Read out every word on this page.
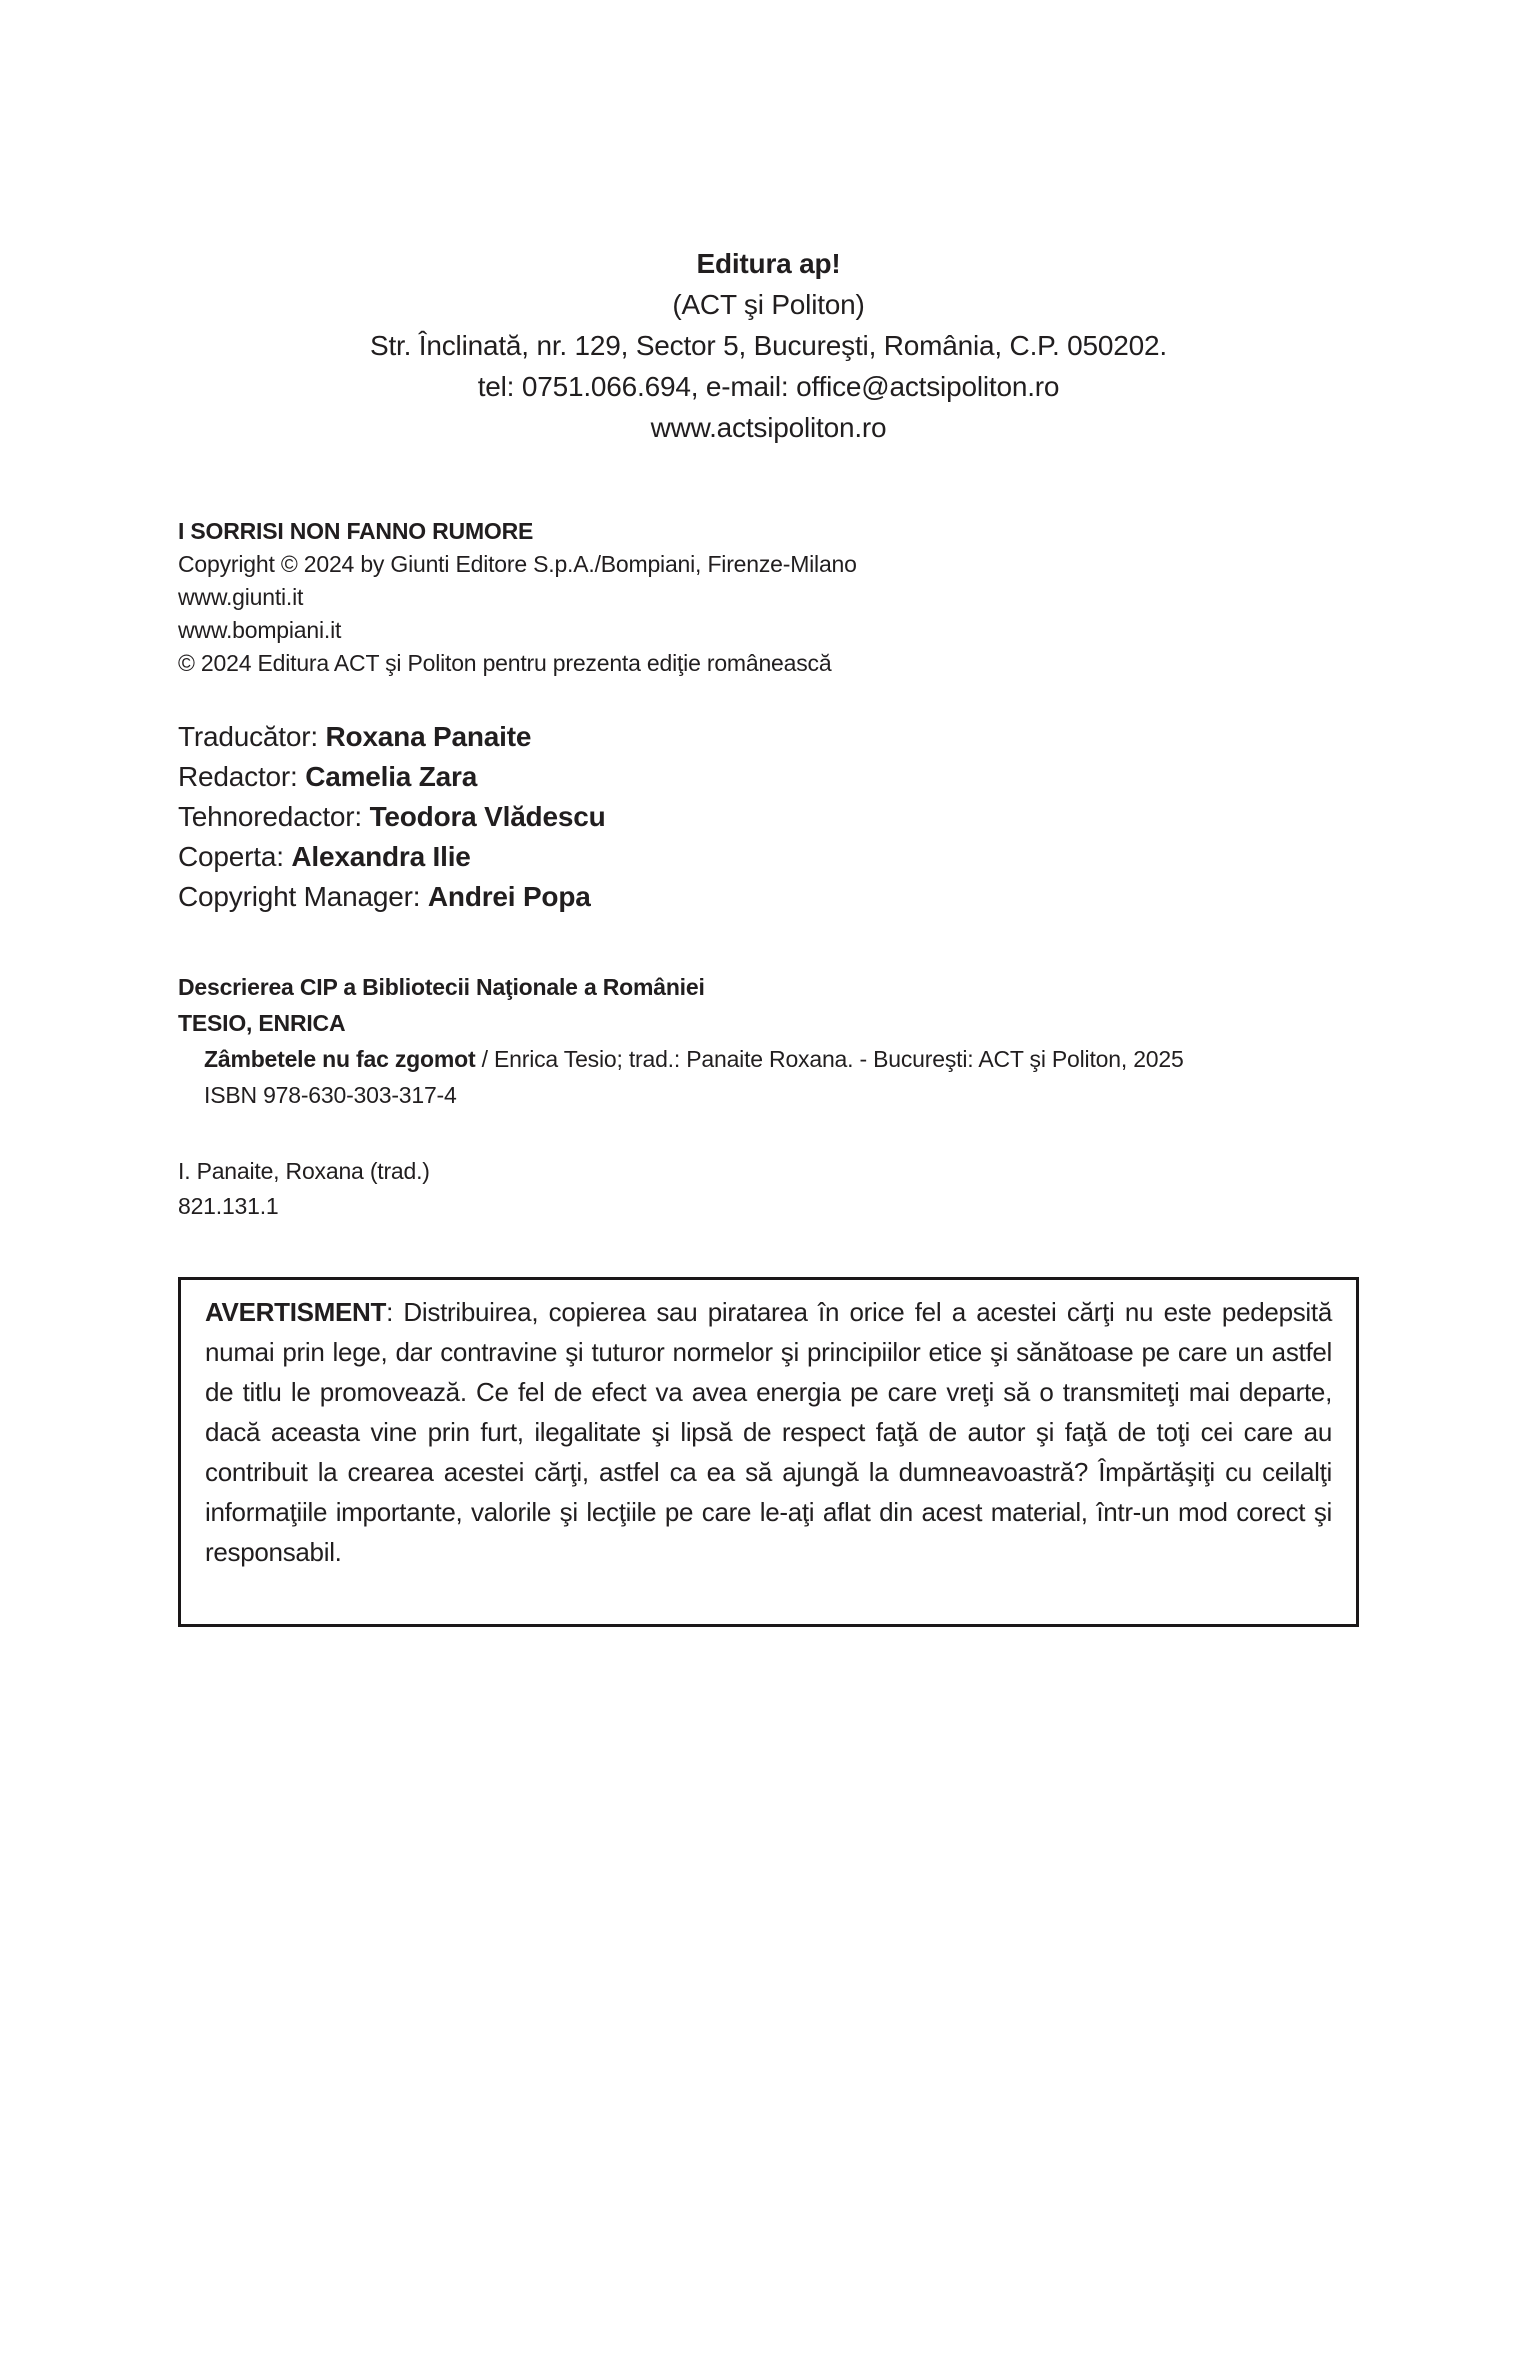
Editura ap!
(ACT şi Politon)
Str. Înclinată, nr. 129, Sector 5, Bucureşti, România, C.P. 050202.
tel: 0751.066.694, e-mail: office@actsipoliton.ro
www.actsipoliton.ro
I SORRISI NON FANNO RUMORE
Copyright © 2024 by Giunti Editore S.p.A./Bompiani, Firenze-Milano
www.giunti.it
www.bompiani.it
© 2024 Editura ACT şi Politon pentru prezenta ediţie românească
Traducător: Roxana Panaite
Redactor: Camelia Zara
Tehnoredactor: Teodora Vlădescu
Coperta: Alexandra Ilie
Copyright Manager: Andrei Popa
Descrierea CIP a Bibliotecii Naţionale a României
TESIO, ENRICA
Zâmbetele nu fac zgomot / Enrica Tesio; trad.: Panaite Roxana. - Bucureşti: ACT şi Politon, 2025
ISBN 978-630-303-317-4
I. Panaite, Roxana (trad.)
821.131.1
AVERTISMENT: Distribuirea, copierea sau piratarea în orice fel a acestei cărţi nu este pedepsită numai prin lege, dar contravine şi tuturor normelor şi principiilor etice şi sănătoase pe care un astfel de titlu le promovează. Ce fel de efect va avea energia pe care vreţi să o transmiteţi mai departe, dacă aceasta vine prin furt, ilegalitate şi lipsă de respect faţă de autor şi faţă de toţi cei care au contribuit la crearea acestei cărţi, astfel ca ea să ajungă la dumneavoastră? Împărtăşiţi cu ceilalţi informaţiile importante, valorile şi lecţiile pe care le-aţi aflat din acest material, într-un mod corect şi responsabil.
